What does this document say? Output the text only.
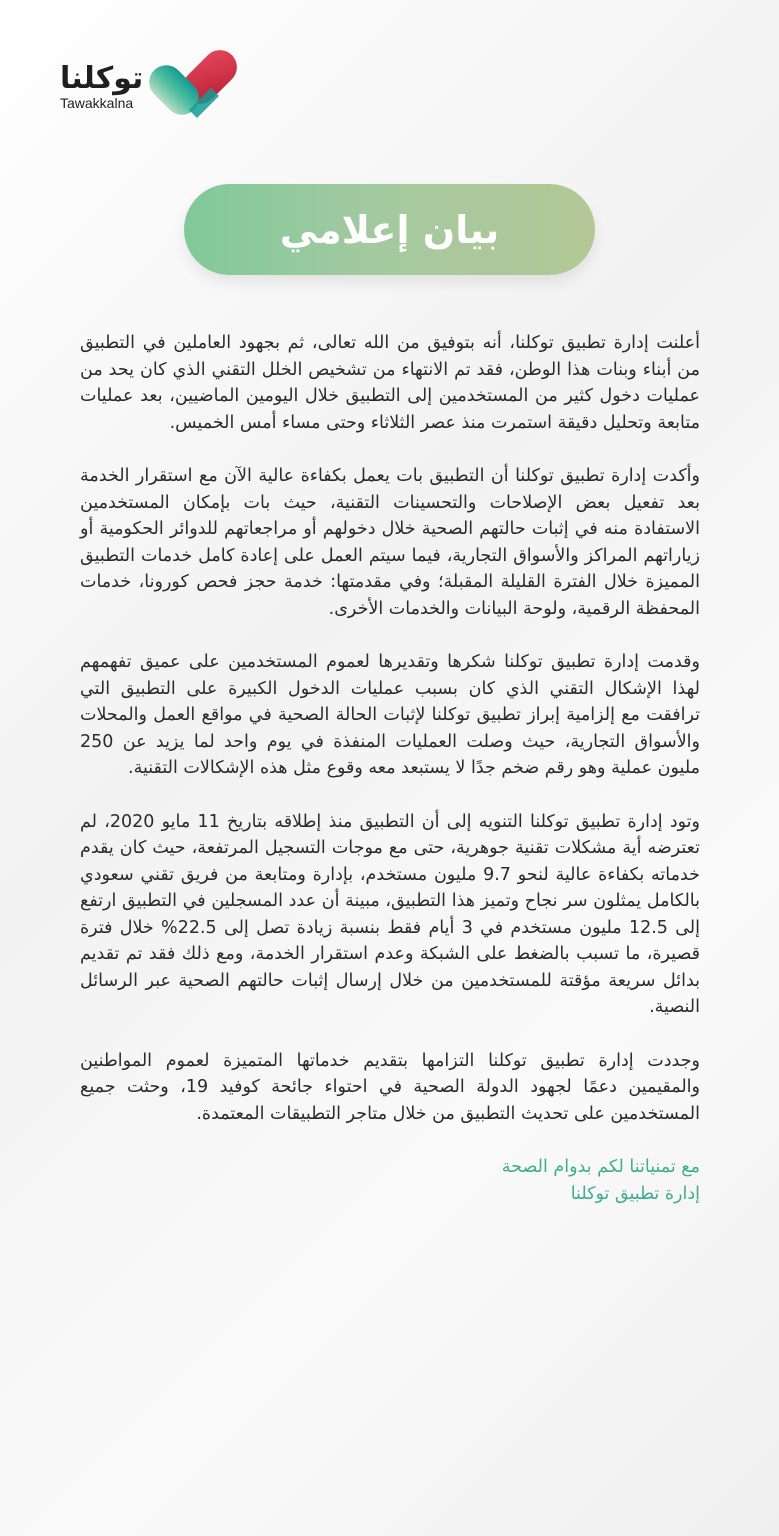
توكلنا
Tawakkalna
بيان إعلامي

أعلنت إدارة تطبيق توكلنا، أنه بتوفيق من الله تعالى، ثم بجهود العاملين في التطبيق من أبناء وبنات هذا الوطن، فقد تم الانتهاء من تشخيص الخلل التقني الذي كان يحد من عمليات دخول كثير من المستخدمين إلى التطبيق خلال اليومين الماضيين، بعد عمليات متابعة وتحليل دقيقة استمرت منذ عصر الثلاثاء وحتى مساء أمس الخميس.

وأكدت إدارة تطبيق توكلنا أن التطبيق بات يعمل بكفاءة عالية الآن مع استقرار الخدمة بعد تفعيل بعض الإصلاحات والتحسينات التقنية، حيث بات بإمكان المستخدمين الاستفادة منه في إثبات حالتهم الصحية خلال دخولهم أو مراجعاتهم للدوائر الحكومية أو زياراتهم المراكز والأسواق التجارية، فيما سيتم العمل على إعادة كامل خدمات التطبيق المميزة خلال الفترة القليلة المقبلة؛ وفي مقدمتها: خدمة حجز فحص كورونا، خدمات المحفظة الرقمية، ولوحة البيانات والخدمات الأخرى.

وقدمت إدارة تطبيق توكلنا شكرها وتقديرها لعموم المستخدمين على عميق تفهمهم لهذا الإشكال التقني الذي كان بسبب عمليات الدخول الكبيرة على التطبيق التي ترافقت مع إلزامية إبراز تطبيق توكلنا لإثبات الحالة الصحية في مواقع العمل والمحلات والأسواق التجارية، حيث وصلت العمليات المنفذة في يوم واحد لما يزيد عن 250 مليون عملية وهو رقم ضخم جدًا لا يستبعد معه وقوع مثل هذه الإشكالات التقنية.

وتود إدارة تطبيق توكلنا التنويه إلى أن التطبيق منذ إطلاقه بتاريخ 11 مايو 2020، لم تعترضه أية مشكلات تقنية جوهرية، حتى مع موجات التسجيل المرتفعة، حيث كان يقدم خدماته بكفاءة عالية لنحو 9.7 مليون مستخدم، بإدارة ومتابعة من فريق تقني سعودي بالكامل يمثلون سر نجاح وتميز هذا التطبيق، مبينة أن عدد المسجلين في التطبيق ارتفع إلى 12.5 مليون مستخدم في 3 أيام فقط بنسبة زيادة تصل إلى 22.5% خلال فترة قصيرة، ما تسبب بالضغط على الشبكة وعدم استقرار الخدمة، ومع ذلك فقد تم تقديم بدائل سريعة مؤقتة للمستخدمين من خلال إرسال إثبات حالتهم الصحية عبر الرسائل النصية.

وجددت إدارة تطبيق توكلنا التزامها بتقديم خدماتها المتميزة لعموم المواطنين والمقيمين دعمًا لجهود الدولة الصحية في احتواء جائحة كوفيد 19، وحثت جميع المستخدمين على تحديث التطبيق من خلال متاجر التطبيقات المعتمدة.

مع تمنياتنا لكم بدوام الصحة
إدارة تطبيق توكلنا
